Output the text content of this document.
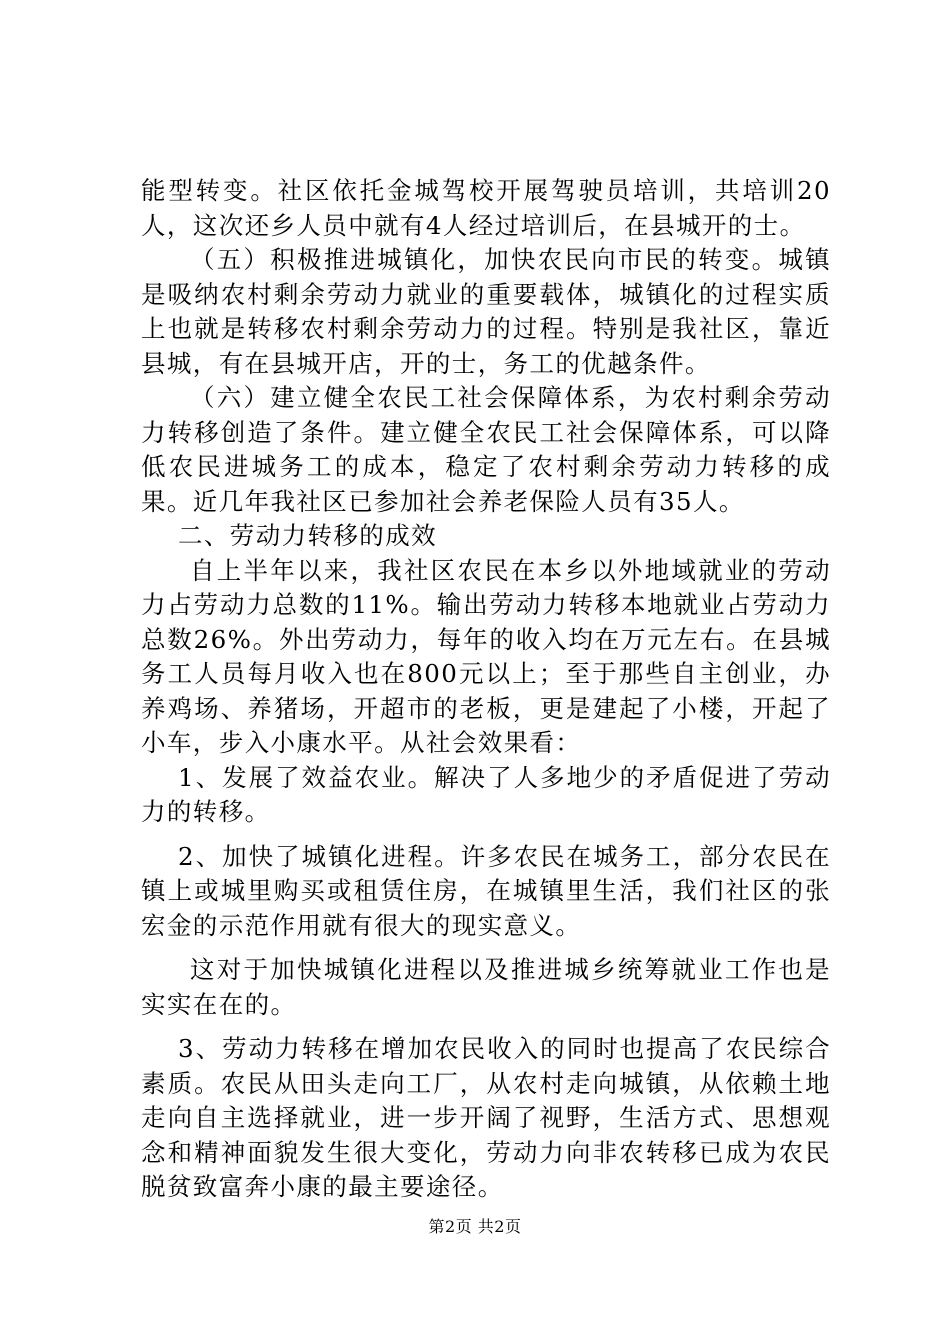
能型转变。社区依托金城驾校开展驾驶员培训，共培训20人，这次还乡人员中就有4人经过培训后，在县城开的士。

（五）积极推进城镇化，加快农民向市民的转变。城镇是吸纳农村剩余劳动力就业的重要载体，城镇化的过程实质上也就是转移农村剩余劳动力的过程。特别是我社区，靠近县城，有在县城开店，开的士，务工的优越条件。

（六）建立健全农民工社会保障体系，为农村剩余劳动力转移创造了条件。建立健全农民工社会保障体系，可以降低农民进城务工的成本，稳定了农村剩余劳动力转移的成果。近几年我社区已参加社会养老保险人员有35人。

二、劳动力转移的成效

自上半年以来，我社区农民在本乡以外地域就业的劳动力占劳动力总数的11%。输出劳动力转移本地就业占劳动力总数26%。外出劳动力，每年的收入均在万元左右。在县城务工人员每月收入也在800元以上；至于那些自主创业，办养鸡场、养猪场，开超市的老板，更是建起了小楼，开起了小车，步入小康水平。从社会效果看：

1、发展了效益农业。解决了人多地少的矛盾促进了劳动力的转移。

2、加快了城镇化进程。许多农民在城务工，部分农民在镇上或城里购买或租赁住房，在城镇里生活，我们社区的张宏金的示范作用就有很大的现实意义。

这对于加快城镇化进程以及推进城乡统筹就业工作也是实实在在的。

3、劳动力转移在增加农民收入的同时也提高了农民综合素质。农民从田头走向工厂，从农村走向城镇，从依赖土地走向自主选择就业，进一步开阔了视野，生活方式、思想观念和精神面貌发生很大变化，劳动力向非农转移已成为农民脱贫致富奔小康的最主要途径。

第2页 共2页
